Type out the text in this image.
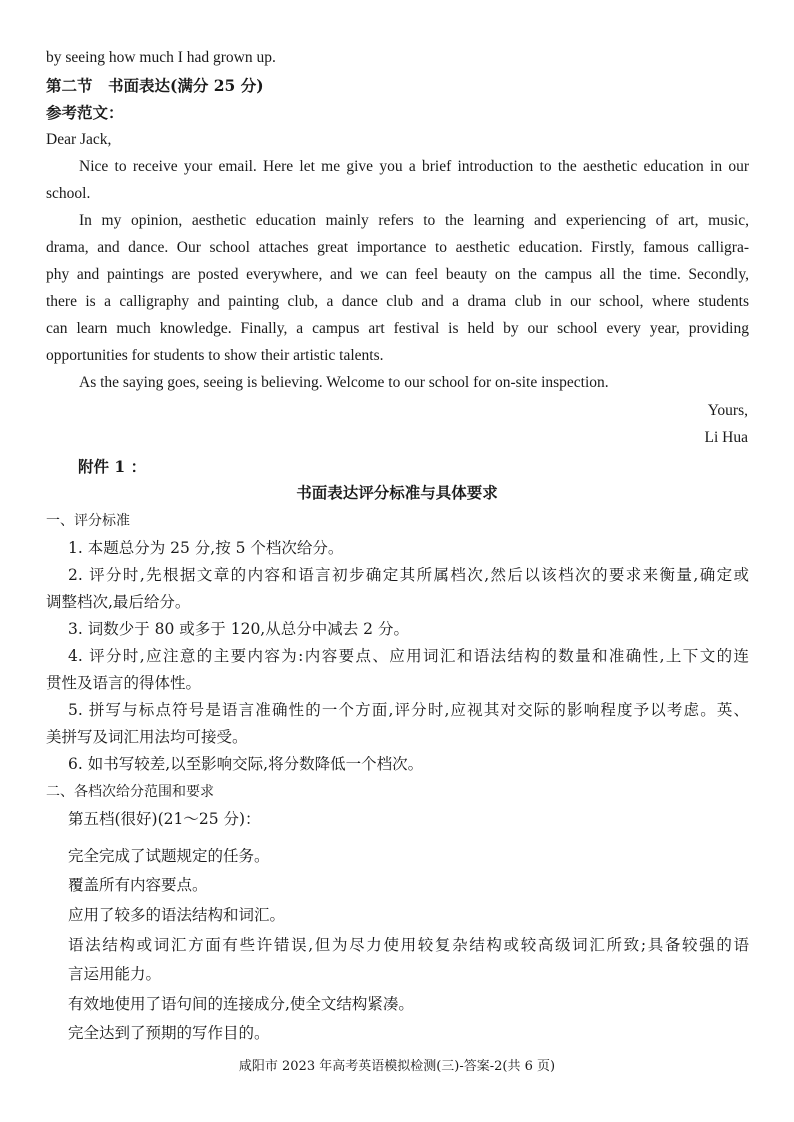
by seeing how much I had grown up.
第二节　书面表达(满分 25 分)
参考范文：
Dear Jack,
Nice to receive your email. Here let me give you a brief introduction to the aesthetic education in our
school.
In my opinion, aesthetic education mainly refers to the learning and experiencing of art, music,
drama, and dance. Our school attaches great importance to aesthetic education. Firstly, famous calligra-
phy and paintings are posted everywhere, and we can feel beauty on the campus all the time. Secondly,
there is a calligraphy and painting club, a dance club and a drama club in our school, where students
can learn much knowledge. Finally, a campus art festival is held by our school every year, providing
opportunities for students to show their artistic talents.
As the saying goes, seeing is believing. Welcome to our school for on-site inspection.
Yours,
Li Hua
附件 1 ：
书面表达评分标准与具体要求
一、评分标准
1. 本题总分为 25 分,按 5 个档次给分。
2. 评分时,先根据文章的内容和语言初步确定其所属档次,然后以该档次的要求来衡量,确定或
调整档次,最后给分。
3. 词数少于 80 或多于 120,从总分中减去 2 分。
4. 评分时,应注意的主要内容为:内容要点、应用词汇和语法结构的数量和准确性,上下文的连
贯性及语言的得体性。
5. 拼写与标点符号是语言准确性的一个方面,评分时,应视其对交际的影响程度予以考虑。英、
美拼写及词汇用法均可接受。
6. 如书写较差,以至影响交际,将分数降低一个档次。
二、各档次给分范围和要求
第五档(很好)(21～25 分)：
完全完成了试题规定的任务。
覆盖所有内容要点。
应用了较多的语法结构和词汇。
语法结构或词汇方面有些许错误,但为尽力使用较复杂结构或较高级词汇所致;具备较强的语
言运用能力。
有效地使用了语句间的连接成分,使全文结构紧凑。
完全达到了预期的写作目的。
咸阳市 2023 年高考英语模拟检测(三)-答案-2(共 6 页)
